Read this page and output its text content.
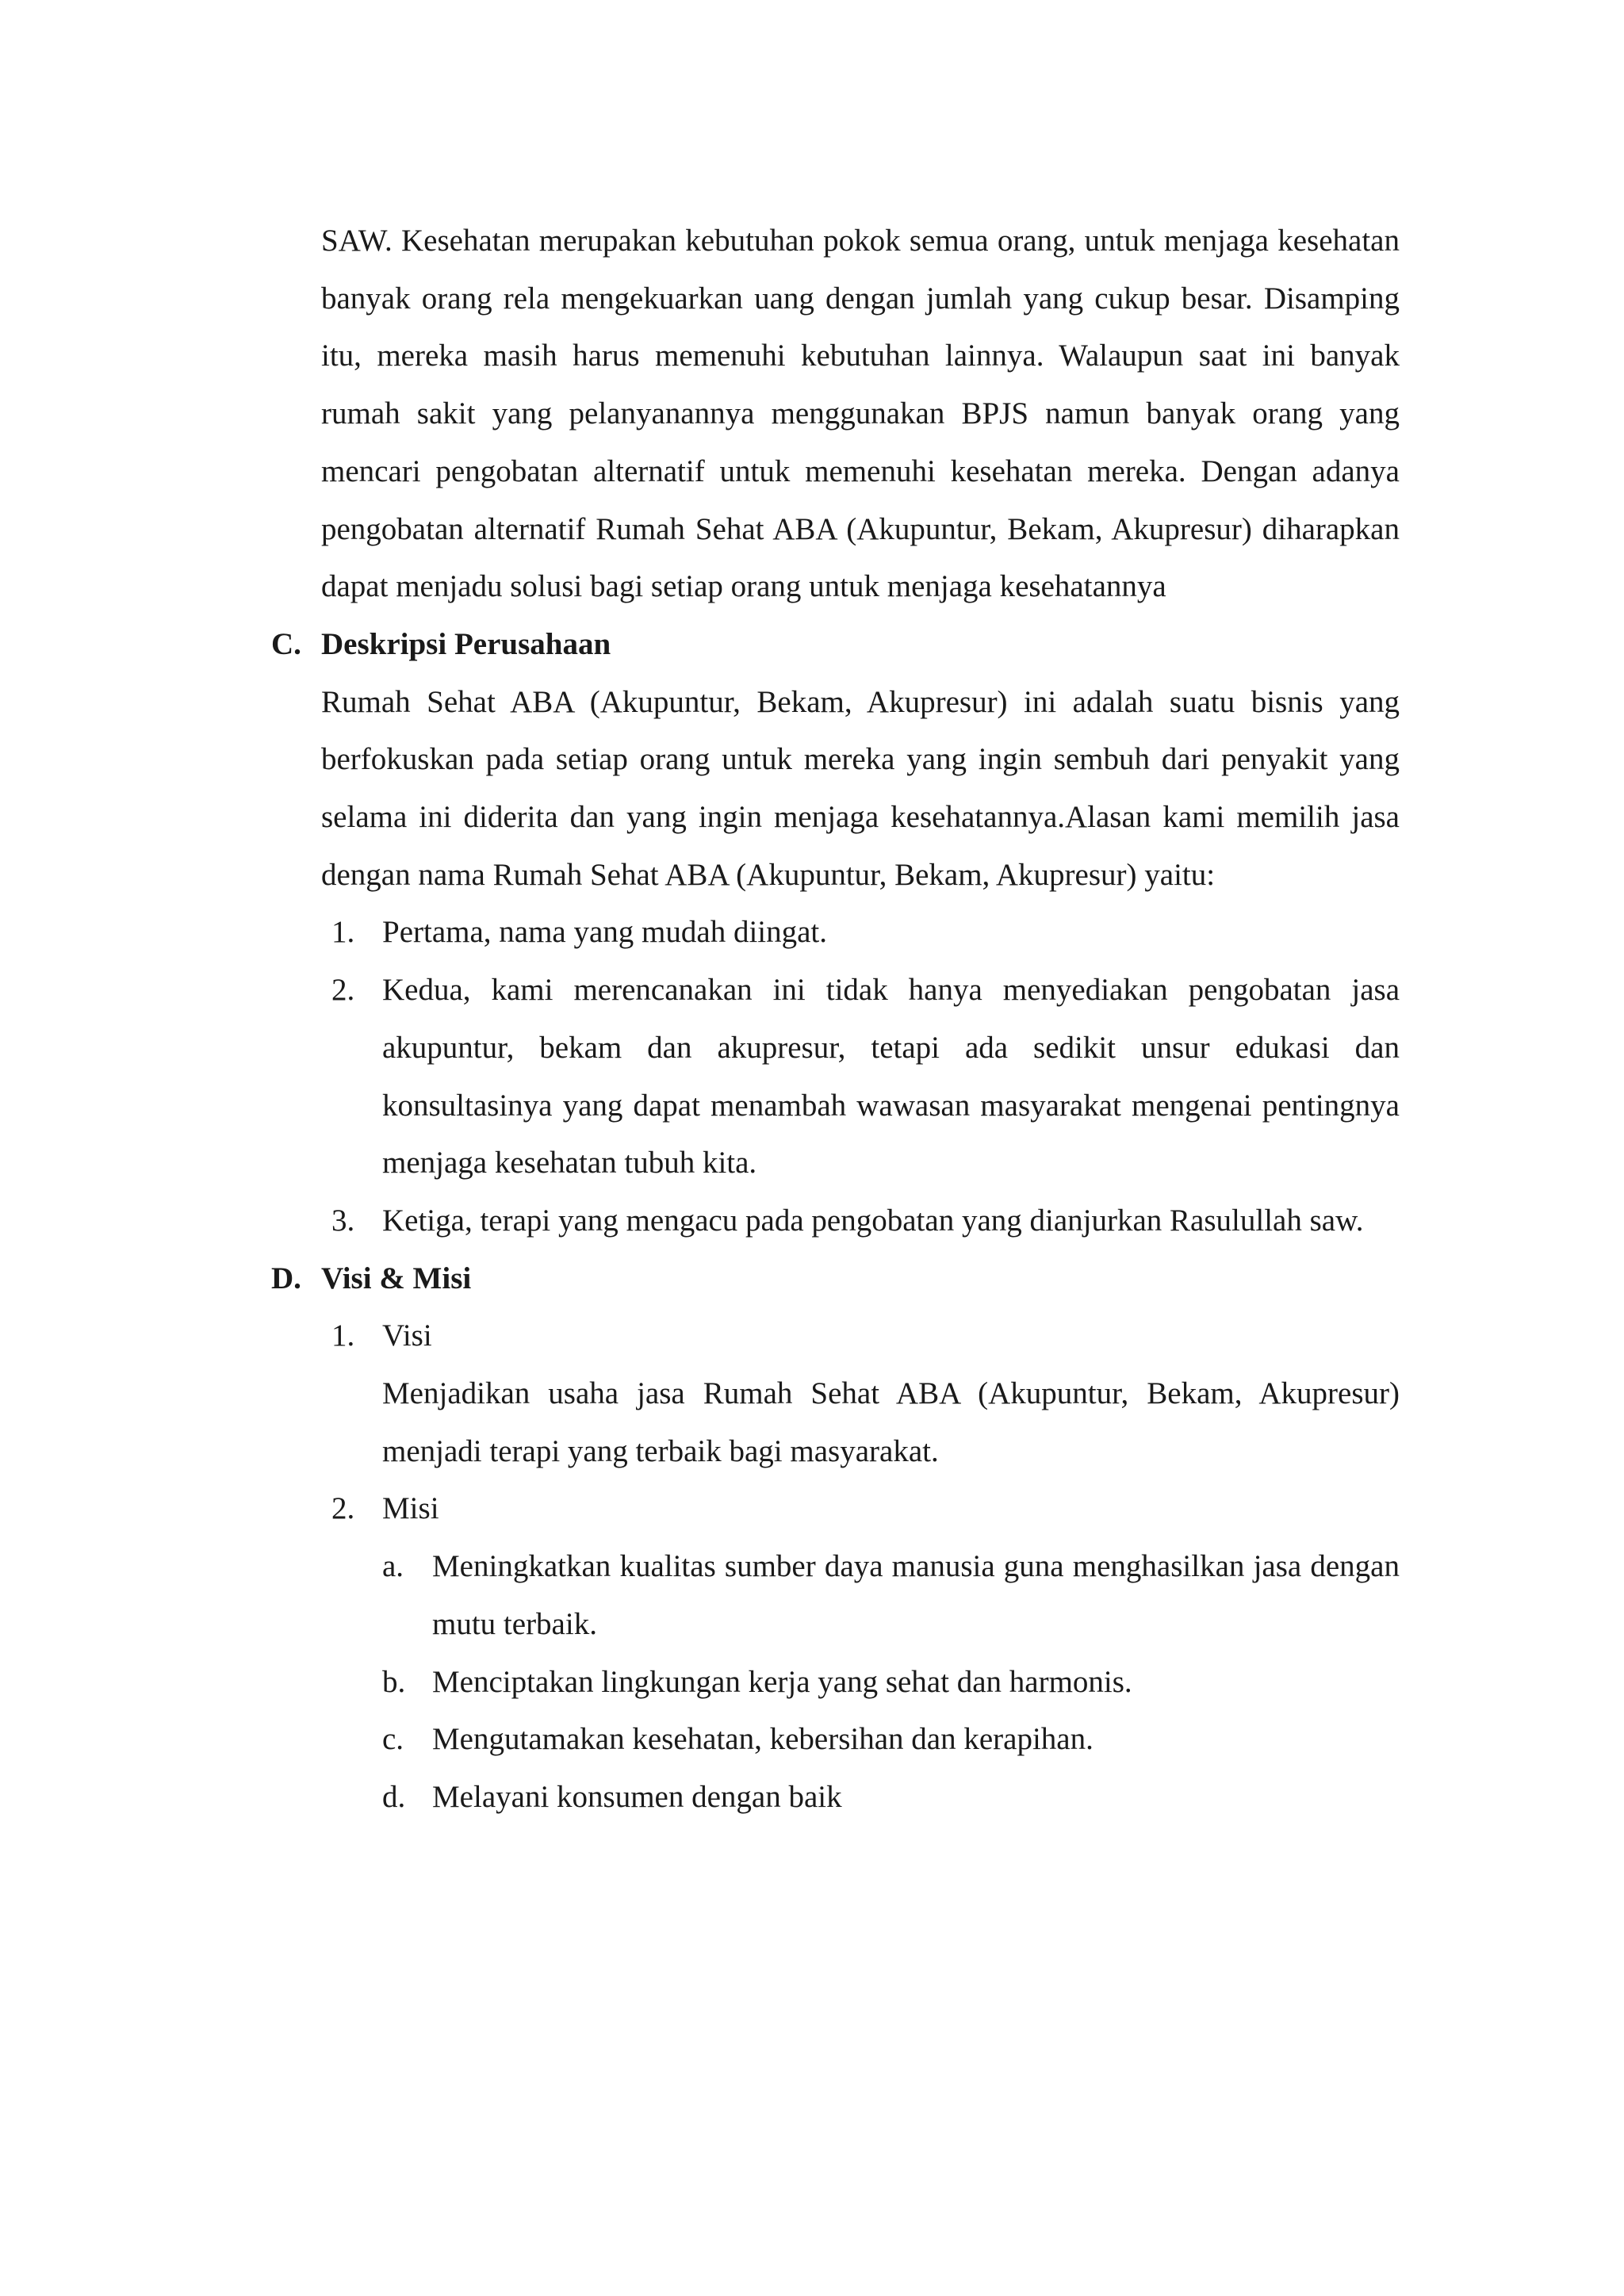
SAW. Kesehatan merupakan kebutuhan pokok semua orang, untuk menjaga kesehatan banyak orang rela mengekuarkan uang dengan jumlah yang cukup besar. Disamping itu, mereka masih harus memenuhi kebutuhan lainnya. Walaupun saat ini banyak rumah sakit yang pelanyanannya menggunakan BPJS namun banyak orang yang mencari pengobatan alternatif untuk memenuhi kesehatan mereka. Dengan adanya pengobatan alternatif Rumah Sehat ABA (Akupuntur, Bekam, Akupresur) diharapkan dapat menjadu solusi bagi setiap orang untuk menjaga kesehatannya

C. Deskripsi Perusahaan

Rumah Sehat ABA (Akupuntur, Bekam, Akupresur) ini adalah suatu bisnis yang berfokuskan pada setiap orang untuk mereka yang ingin sembuh dari penyakit yang selama ini diderita dan yang ingin menjaga kesehatannya.Alasan kami memilih jasa dengan nama Rumah Sehat ABA (Akupuntur, Bekam, Akupresur) yaitu:

1. Pertama, nama yang mudah diingat.
2. Kedua, kami merencanakan ini tidak hanya menyediakan pengobatan jasa akupuntur, bekam dan akupresur, tetapi ada sedikit unsur edukasi dan konsultasinya yang dapat menambah wawasan masyarakat mengenai pentingnya menjaga kesehatan tubuh kita.
3. Ketiga, terapi yang mengacu pada pengobatan yang dianjurkan Rasulullah saw.
D. Visi & Misi
1. Visi
Menjadikan usaha jasa Rumah Sehat ABA (Akupuntur, Bekam, Akupresur) menjadi terapi yang terbaik bagi masyarakat.
2. Misi
a. Meningkatkan kualitas sumber daya manusia guna menghasilkan jasa dengan mutu terbaik.
b. Menciptakan lingkungan kerja yang sehat dan harmonis.
c. Mengutamakan kesehatan, kebersihan dan kerapihan.
d. Melayani konsumen dengan baik
